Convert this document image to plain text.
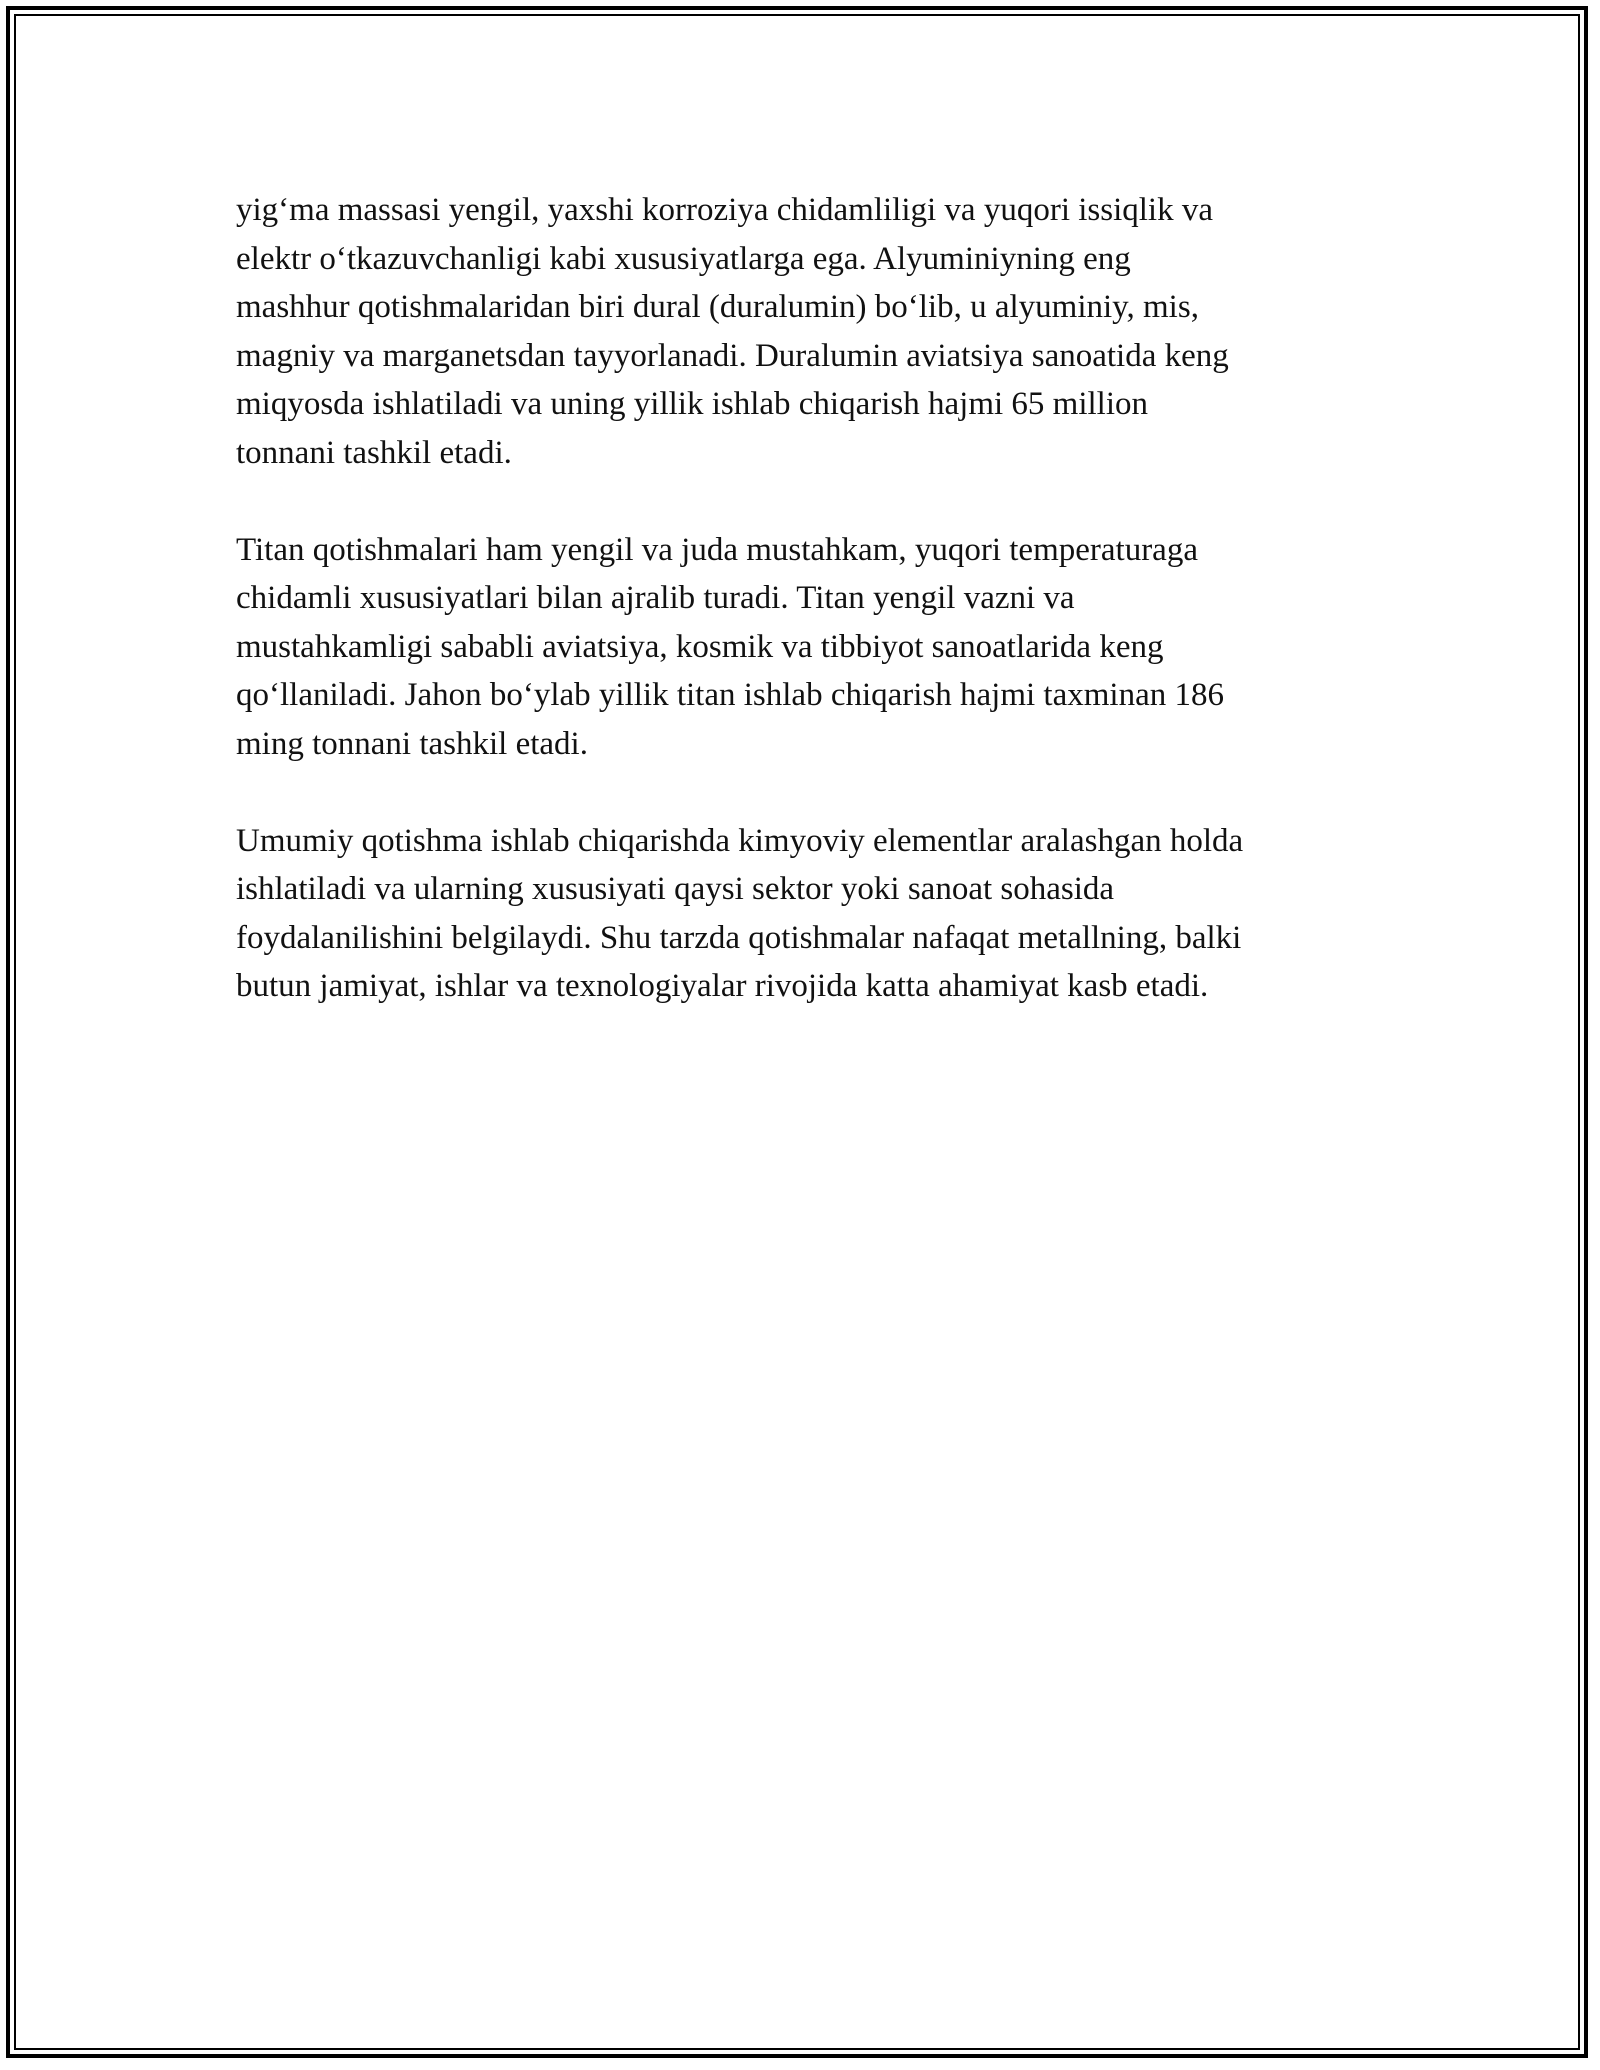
yig‘ma massasi yengil, yaxshi korroziya chidamliligi va yuqori issiqlik va
elektr o‘tkazuvchanligi kabi xususiyatlarga ega. Alyuminiyning eng
mashhur qotishmalaridan biri dural (duralumin) bo‘lib, u alyuminiy, mis,
magniy va marganetsdan tayyorlanadi. Duralumin aviatsiya sanoatida keng
miqyosda ishlatiladi va uning yillik ishlab chiqarish hajmi 65 million
tonnani tashkil etadi.

Titan qotishmalari ham yengil va juda mustahkam, yuqori temperaturaga
chidamli xususiyatlari bilan ajralib turadi. Titan yengil vazni va
mustahkamligi sababli aviatsiya, kosmik va tibbiyot sanoatlarida keng
qo‘llaniladi. Jahon bo‘ylab yillik titan ishlab chiqarish hajmi taxminan 186
ming tonnani tashkil etadi.

Umumiy qotishma ishlab chiqarishda kimyoviy elementlar aralashgan holda
ishlatiladi va ularning xususiyati qaysi sektor yoki sanoat sohasida
foydalanilishini belgilaydi. Shu tarzda qotishmalar nafaqat metallning, balki
butun jamiyat, ishlar va texnologiyalar rivojida katta ahamiyat kasb etadi.
